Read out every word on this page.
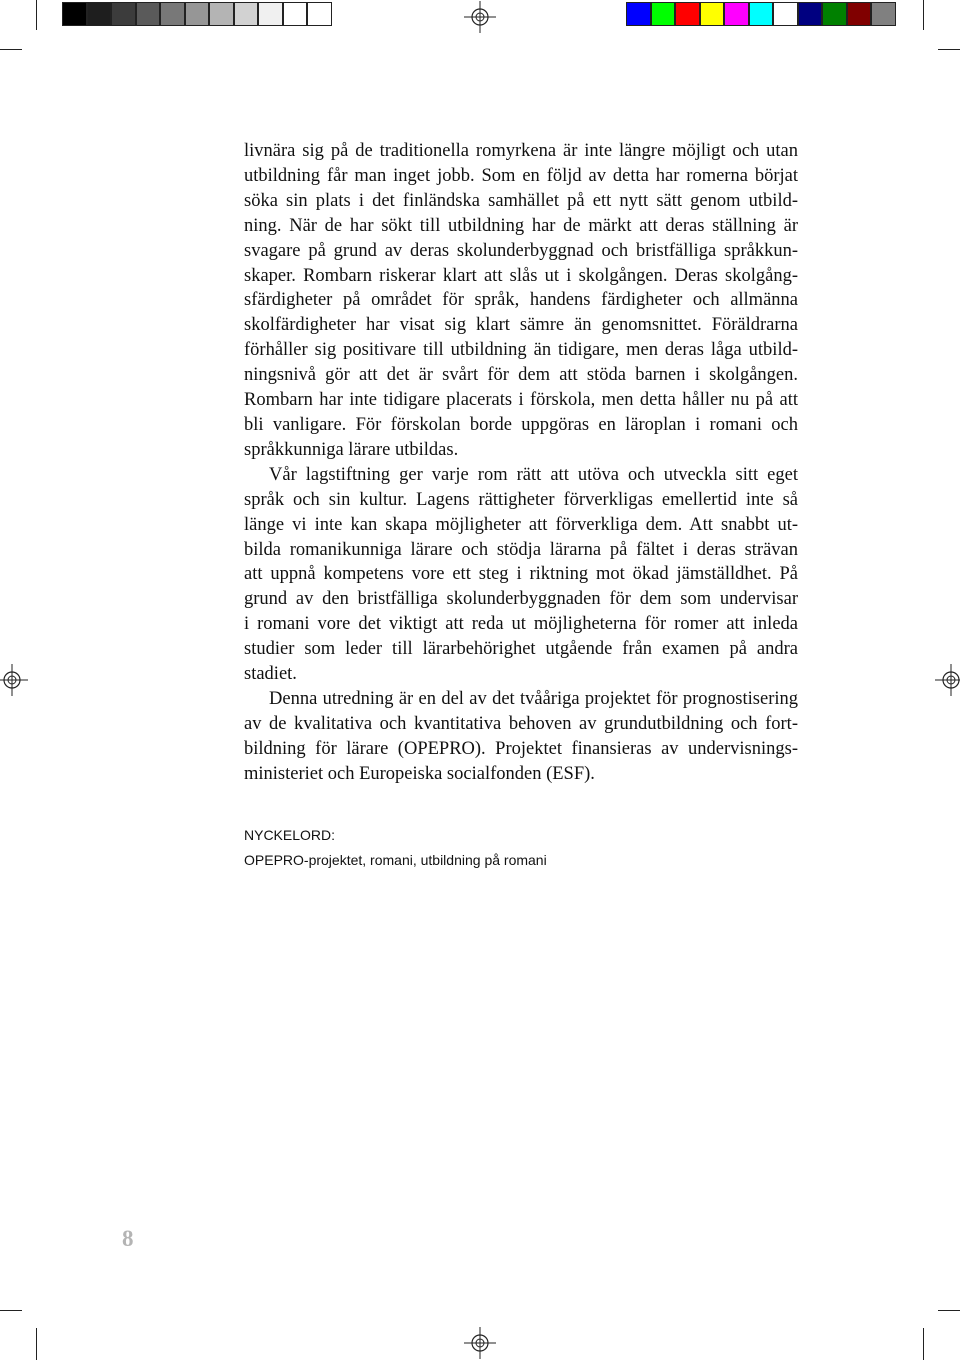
livnära sig på de traditionella romyrkena är inte längre möjligt och utan
utbildning får man inget jobb. Som en följd av detta har romerna börjat
söka sin plats i det finländska samhället på ett nytt sätt genom utbild-
ning. När de har sökt till utbildning har de märkt att deras ställning är
svagare på grund av deras skolunderbyggnad och bristfälliga språkkun-
skaper. Rombarn riskerar klart att slås ut i skolgången. Deras skolgång-
sfärdigheter på området för språk, handens färdigheter och allmänna
skolfärdigheter har visat sig klart sämre än genomsnittet. Föräldrarna
förhåller sig positivare till utbildning än tidigare, men deras låga utbild-
ningsnivå gör att det är svårt för dem att stöda barnen i skolgången.
Rombarn har inte tidigare placerats i förskola, men detta håller nu på att
bli vanligare. För förskolan borde uppgöras en läroplan i romani och
språkkunniga lärare utbildas.
Vår lagstiftning ger varje rom rätt att utöva och utveckla sitt eget
språk och sin kultur. Lagens rättigheter förverkligas emellertid inte så
länge vi inte kan skapa möjligheter att förverkliga dem. Att snabbt ut-
bilda romanikunniga lärare och stödja lärarna på fältet i deras strävan
att uppnå kompetens vore ett steg i riktning mot ökad jämställdhet. På
grund av den bristfälliga skolunderbyggnaden för dem som undervisar
i romani vore det viktigt att reda ut möjligheterna för romer att inleda
studier som leder till lärarbehörighet utgående från examen på andra
stadiet.
Denna utredning är en del av det tvååriga projektet för prognostisering
av de kvalitativa och kvantitativa behoven av grundutbildning och fort-
bildning för lärare (OPEPRO). Projektet finansieras av undervisnings-
ministeriet och Europeiska socialfonden (ESF).
NYCKELORD:
OPEPRO-projektet, romani, utbildning på romani
8
